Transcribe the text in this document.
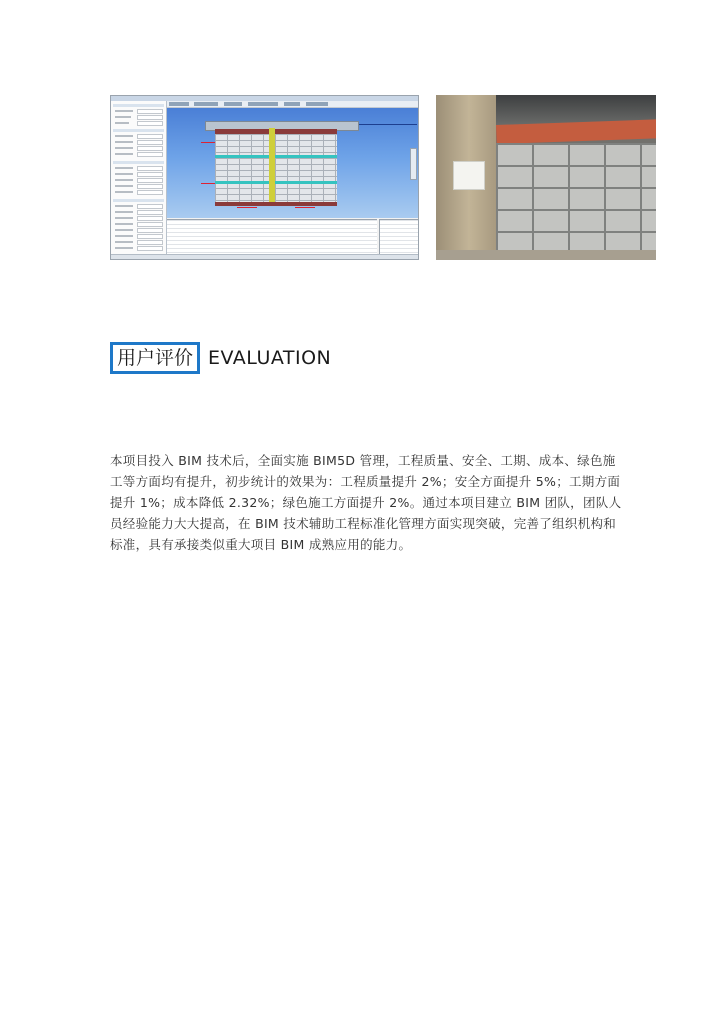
用户评价 EVALUATION
本项目投入 BIM 技术后，全面实施 BIM5D 管理，工程质量、安全、工期、成本、绿色施工等方面均有提升，初步统计的效果为：工程质量提升 2%；安全方面提升 5%；工期方面提升 1%；成本降低 2.32%；绿色施工方面提升 2%。通过本项目建立 BIM 团队，团队人员经验能力大大提高，在 BIM 技术辅助工程标准化管理方面实现突破，完善了组织机构和标准，具有承接类似重大项目 BIM 成熟应用的能力。
